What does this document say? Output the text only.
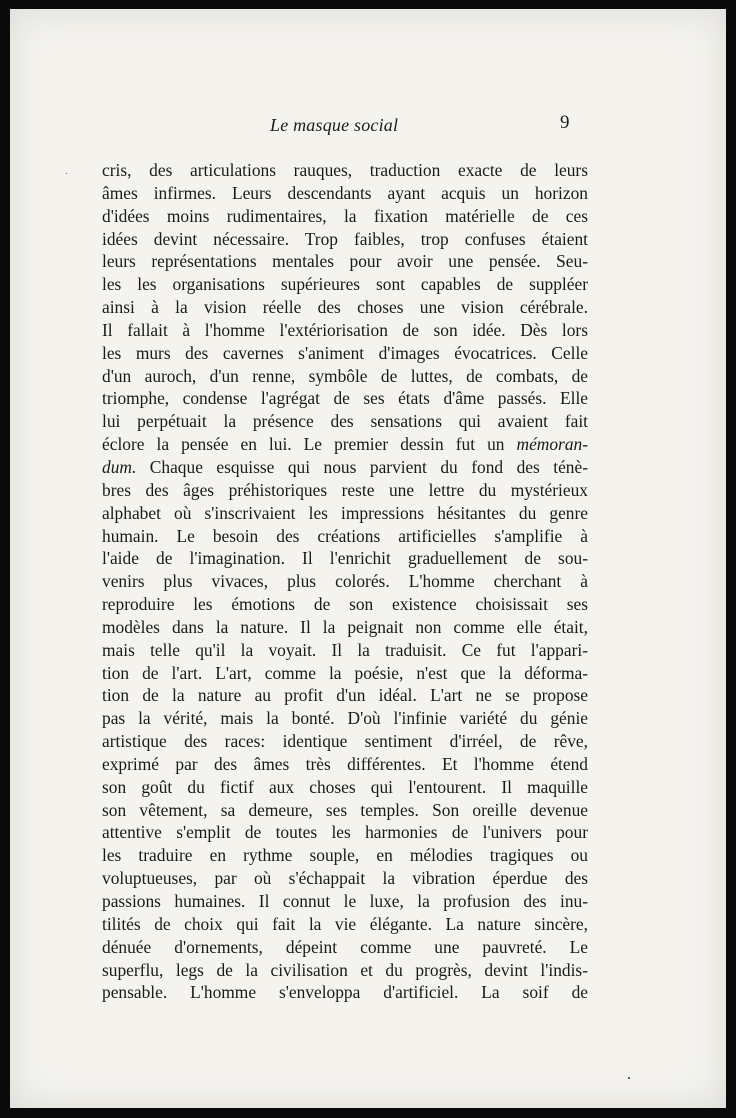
Le masque social	9
cris, des articulations rauques, traduction exacte de leurs
âmes infirmes. Leurs descendants ayant acquis un horizon
d'idées moins rudimentaires, la fixation matérielle de ces
idées devint nécessaire. Trop faibles, trop confuses étaient
leurs représentations mentales pour avoir une pensée. Seu-
les les organisations supérieures sont capables de suppléer
ainsi à la vision réelle des choses une vision cérébrale.
Il fallait à l'homme l'extériorisation de son idée. Dès lors
les murs des cavernes s'animent d'images évocatrices. Celle
d'un auroch, d'un renne, symbôle de luttes, de combats, de
triomphe, condense l'agrégat de ses états d'âme passés. Elle
lui perpétuait la présence des sensations qui avaient fait
éclore la pensée en lui. Le premier dessin fut un mémoran-
dum. Chaque esquisse qui nous parvient du fond des ténè-
bres des âges préhistoriques reste une lettre du mystérieux
alphabet où s'inscrivaient les impressions hésitantes du genre
humain. Le besoin des créations artificielles s'amplifie à
l'aide de l'imagination. Il l'enrichit graduellement de sou-
venirs plus vivaces, plus colorés. L'homme cherchant à
reproduire les émotions de son existence choisissait ses
modèles dans la nature. Il la peignait non comme elle était,
mais telle qu'il la voyait. Il la traduisit. Ce fut l'appari-
tion de l'art. L'art, comme la poésie, n'est que la déforma-
tion de la nature au profit d'un idéal. L'art ne se propose
pas la vérité, mais la bonté. D'où l'infinie variété du génie
artistique des races: identique sentiment d'irréel, de rêve,
exprimé par des âmes très différentes. Et l'homme étend
son goût du fictif aux choses qui l'entourent. Il maquille
son vêtement, sa demeure, ses temples. Son oreille devenue
attentive s'emplit de toutes les harmonies de l'univers pour
les traduire en rythme souple, en mélodies tragiques ou
voluptueuses, par où s'échappait la vibration éperdue des
passions humaines. Il connut le luxe, la profusion des inu-
tilités de choix qui fait la vie élégante. La nature sincère,
dénuée d'ornements, dépeint comme une pauvreté. Le
superflu, legs de la civilisation et du progrès, devint l'indis-
pensable. L'homme s'enveloppa d'artificiel. La soif de
